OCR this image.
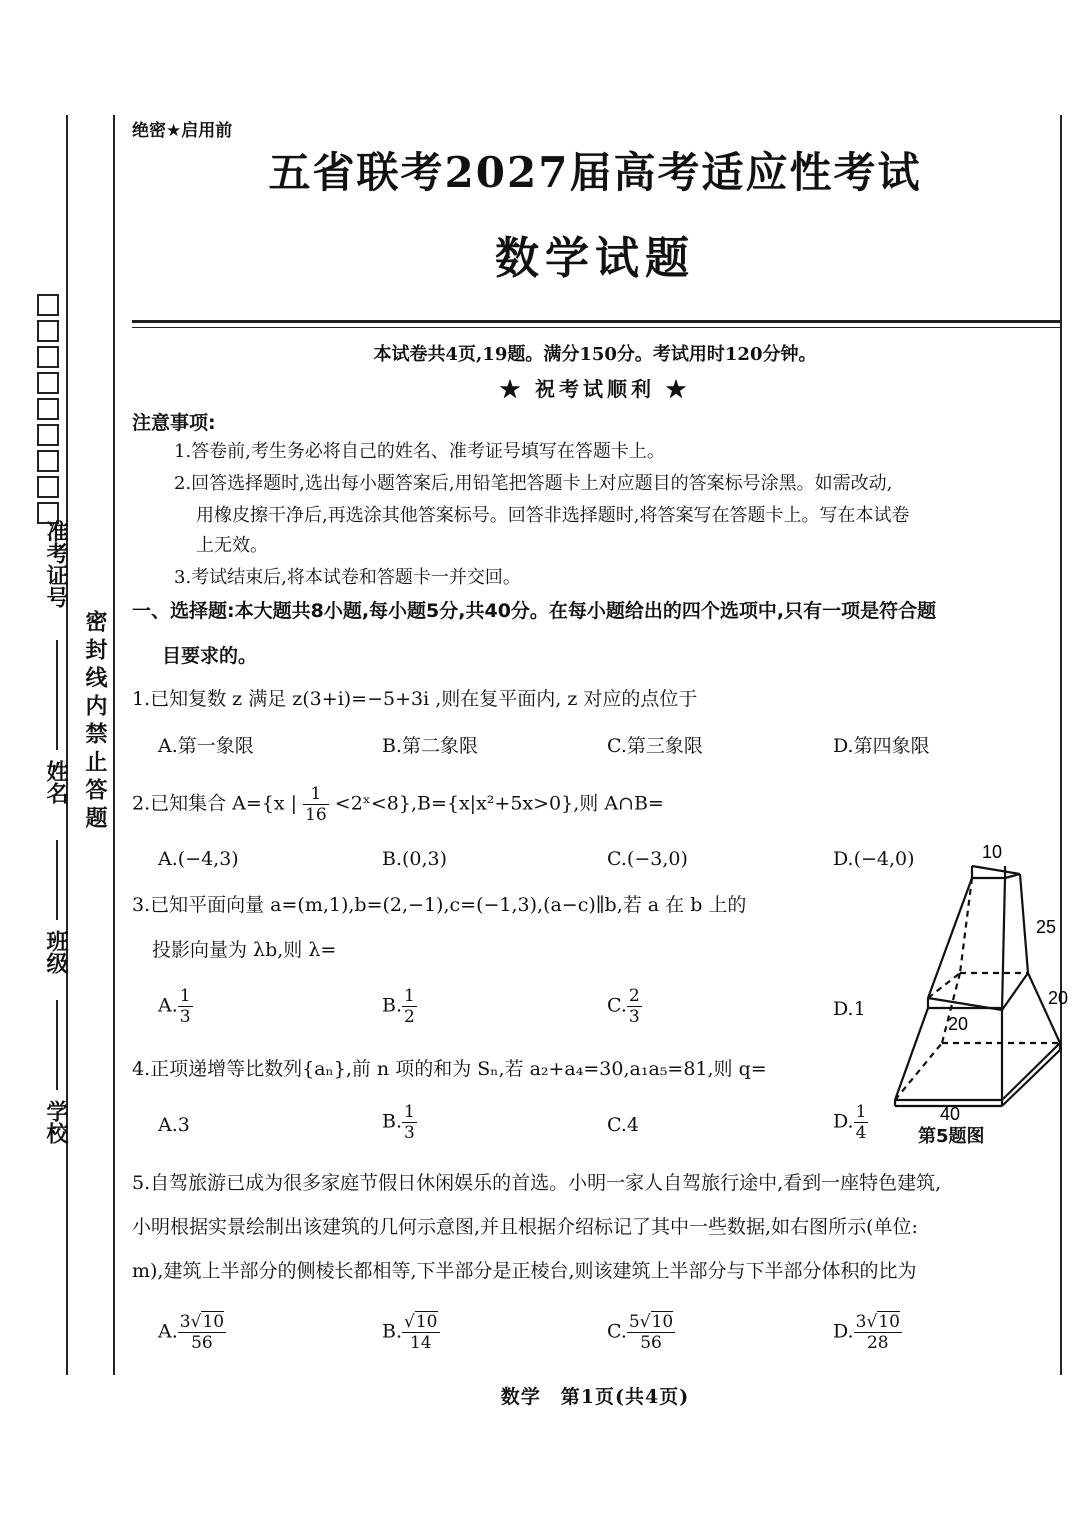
准考证号
姓名
班级
学校
密封线内禁止答题
绝密★启用前
五省联考2027届高考适应性考试
数学试题
本试卷共4页,19题。满分150分。考试用时120分钟。
★ 祝考试顺利 ★
注意事项:
1.答卷前,考生务必将自己的姓名、准考证号填写在答题卡上。
2.回答选择题时,选出每小题答案后,用铅笔把答题卡上对应题目的答案标号涂黑。如需改动,
用橡皮擦干净后,再选涂其他答案标号。回答非选择题时,将答案写在答题卡上。写在本试卷
上无效。
3.考试结束后,将本试卷和答题卡一并交回。
一、选择题:本大题共8小题,每小题5分,共40分。在每小题给出的四个选项中,只有一项是符合题
目要求的。
1.已知复数 z 满足 z(3+i)=−5+3i ,则在复平面内, z 对应的点位于
A.第一象限	B.第二象限	C.第三象限	D.第四象限
2.已知集合 A={x | $\frac{1}{16}$ <2ˣ<8},B={x|x²+5x>0},则 A∩B=
A.(−4,3)	B.(0,3)	C.(−3,0)	D.(−4,0)
3.已知平面向量 a=(m,1),b=(2,−1),c=(−1,3),(a−c)∥b,若 a 在 b 上的
投影向量为 λb,则 λ=
A. $\frac{1}{3}$	B. $\frac{1}{2}$	C. $\frac{2}{3}$	D.1
4.正项递增等比数列{aₙ},前 n 项的和为 Sₙ,若 a₂+a₄=30,a₁a₅=81,则 q=
A.3	B. $\frac{1}{3}$	C.4	D. $\frac{1}{4}$
10
25
20
20
40
第5题图
5.自驾旅游已成为很多家庭节假日休闲娱乐的首选。小明一家人自驾旅行途中,看到一座特色建筑,
小明根据实景绘制出该建筑的几何示意图,并且根据介绍标记了其中一些数据,如右图所示(单位:
m),建筑上半部分的侧棱长都相等,下半部分是正棱台,则该建筑上半部分与下半部分体积的比为
A. $\frac{3√10}{56}$	B. $\frac{√10}{14}$	C. $\frac{5√10}{56}$	D. $\frac{3√10}{28}$
数学　第1页(共4页)
